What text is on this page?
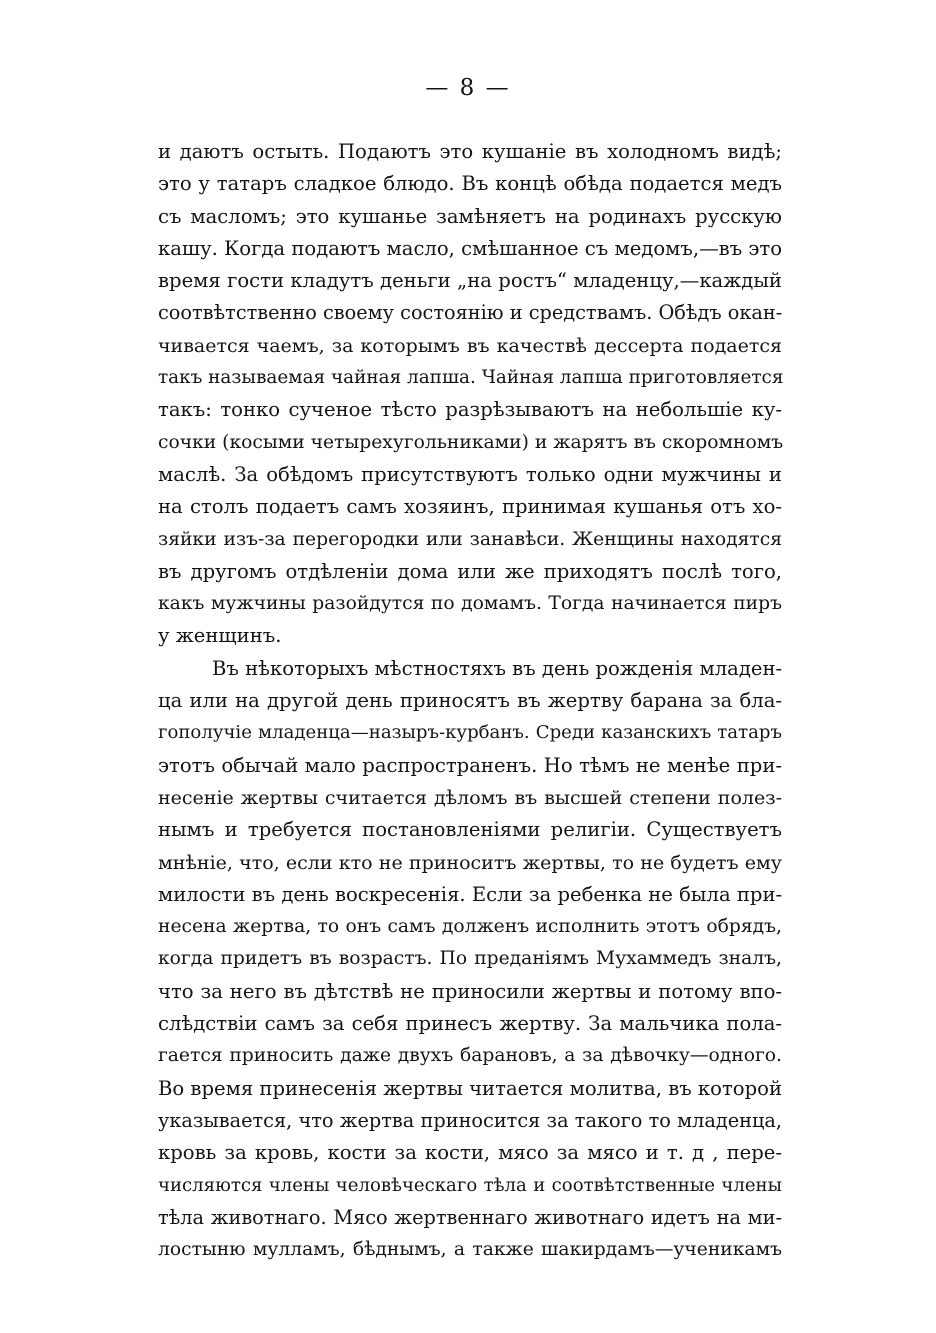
— 8 —
и даютъ остыть. Подаютъ это кушаніе въ холодномъ видѣ;
это у татаръ сладкое блюдо. Въ концѣ обѣда подается медъ
съ масломъ; это кушанье замѣняетъ на родинахъ русскую
кашу. Когда подаютъ масло, смѣшанное съ медомъ,—въ это
время гости кладутъ деньги „на ростъ“ младенцу,—каждый
соотвѣтственно своему состоянію и средствамъ. Обѣдъ окан-
чивается чаемъ, за которымъ въ качествѣ дессерта подается
такъ называемая чайная лапша. Чайная лапша приготовляется
такъ: тонко сученое тѣсто разрѣзываютъ на небольшіе ку-
сочки (косыми четырехугольниками) и жарятъ въ скоромномъ
маслѣ. За обѣдомъ присутствуютъ только одни мужчины и
на столъ подаетъ самъ хозяинъ, принимая кушанья отъ хо-
зяйки изъ-за перегородки или занавѣси. Женщины находятся
въ другомъ отдѣленіи дома или же приходятъ послѣ того,
какъ мужчины разойдутся по домамъ. Тогда начинается пиръ
у женщинъ.
Въ нѣкоторыхъ мѣстностяхъ въ день рожденія младен-
ца или на другой день приносятъ въ жертву барана за бла-
гополучіе младенца—назыръ-курбанъ. Среди казанскихъ татаръ
этотъ обычай мало распространенъ. Но тѣмъ не менѣе при-
несеніе жертвы считается дѣломъ въ высшей степени полез-
нымъ и требуется постановленіями религіи. Существуетъ
мнѣніе, что, если кто не приноситъ жертвы, то не будетъ ему
милости въ день воскресенія. Если за ребенка не была при-
несена жертва, то онъ самъ долженъ исполнить этотъ обрядъ,
когда придетъ въ возрастъ. По преданіямъ Мухаммедъ зналъ,
что за него въ дѣтствѣ не приносили жертвы и потому впо-
слѣдствіи самъ за себя принесъ жертву. За мальчика пола-
гается приносить даже двухъ барановъ, а за дѣвочку—одного.
Во время принесенія жертвы читается молитва, въ которой
указывается, что жертва приносится за такого то младенца,
кровь за кровь, кости за кости, мясо за мясо и т. д , пере-
числяются члены человѣческаго тѣла и соотвѣтственные члены
тѣла животнаго. Мясо жертвеннаго животнаго идетъ на ми-
лостыню мулламъ, бѣднымъ, а также шакирдамъ—ученикамъ
